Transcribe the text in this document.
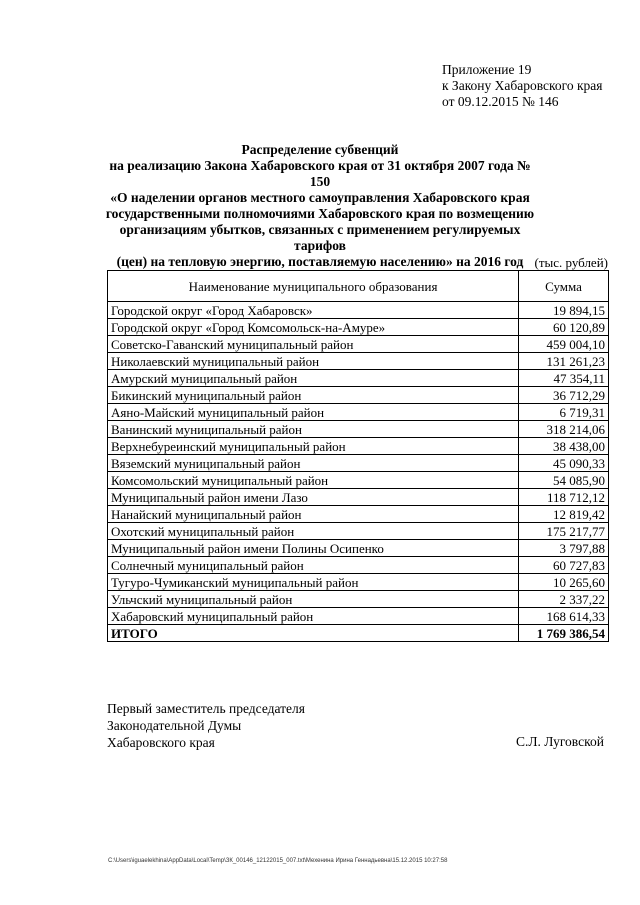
Приложение 19
к Закону Хабаровского края
от 09.12.2015 № 146
Распределение субвенций
на реализацию Закона Хабаровского края от 31 октября 2007 года № 150
«О наделении органов местного самоуправления Хабаровского края
государственными полномочиями Хабаровского края по возмещению
организациям убытков, связанных с применением регулируемых тарифов
(цен) на тепловую энергию, поставляемую населению» на 2016 год (тыс. рублей)
Наименование муниципального образования	Сумма
Городской округ «Город Хабаровск»	19 894,15
Городской округ «Город Комсомольск-на-Амуре»	60 120,89
Советско-Гаванский муниципальный район	459 004,10
Николаевский муниципальный район	131 261,23
Амурский муниципальный район	47 354,11
Бикинский муниципальный район	36 712,29
Аяно-Майский муниципальный район	6 719,31
Ванинский муниципальный район	318 214,06
Верхнебуреинский муниципальный район	38 438,00
Вяземский муниципальный район	45 090,33
Комсомольский муниципальный район	54 085,90
Муниципальный район имени Лазо	118 712,12
Нанайский муниципальный район	12 819,42
Охотский муниципальный район	175 217,77
Муниципальный район имени Полины Осипенко	3 797,88
Солнечный муниципальный район	60 727,83
Тугуро-Чумиканский муниципальный район	10 265,60
Ульчский муниципальный район	2 337,22
Хабаровский муниципальный район	168 614,33
ИТОГО	1 769 386,54
Первый заместитель председателя
Законодательной Думы
Хабаровского края	С.Л. Луговской
C:\Users\iguaelekhina\AppData\Local\Temp\ЗК_00146_12122015_007.txt\Мехенина Ирина Геннадьевна\15.12.2015 10:27:58
